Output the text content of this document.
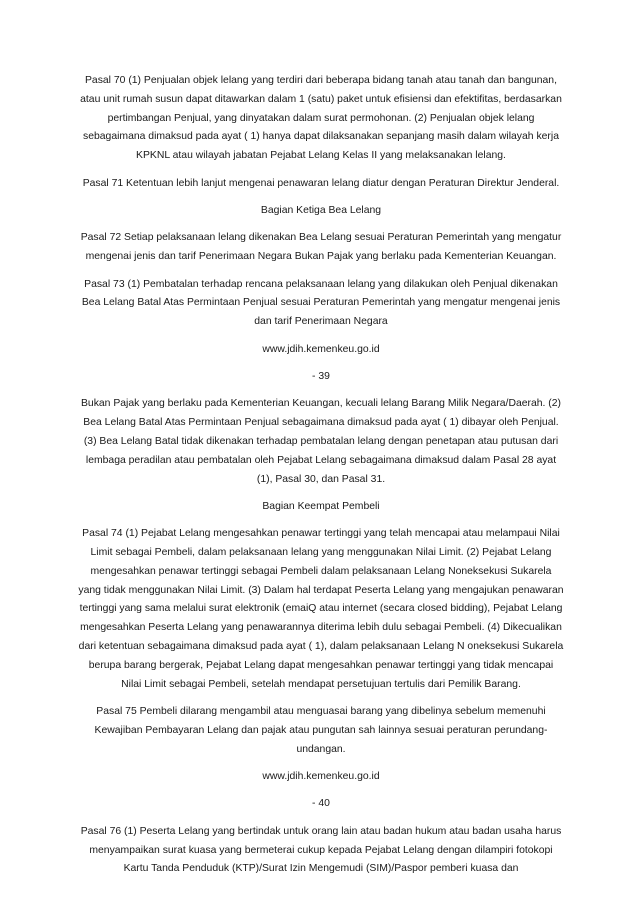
Pasal 70 (1) Penjualan objek lelang yang terdiri dari beberapa bidang tanah atau tanah dan bangunan, atau unit rumah susun dapat ditawarkan dalam 1 (satu) paket untuk efisiensi dan efektifitas, berdasarkan pertimbangan Penjual, yang dinyatakan dalam surat permohonan. (2) Penjualan objek lelang sebagaimana dimaksud pada ayat ( 1) hanya dapat dilaksanakan sepanjang masih dalam wilayah kerja KPKNL atau wilayah jabatan Pejabat Lelang Kelas II yang melaksanakan lelang.

Pasal 71 Ketentuan lebih lanjut mengenai penawaran lelang diatur dengan Peraturan Direktur Jenderal.

Bagian Ketiga Bea Lelang

Pasal 72 Setiap pelaksanaan lelang dikenakan Bea Lelang sesuai Peraturan Pemerintah yang mengatur mengenai jenis dan tarif Penerimaan Negara Bukan Pajak yang berlaku pada Kementerian Keuangan.

Pasal 73 (1) Pembatalan terhadap rencana pelaksanaan lelang yang dilakukan oleh Penjual dikenakan Bea Lelang Batal Atas Permintaan Penjual sesuai Peraturan Pemerintah yang mengatur mengenai jenis dan tarif Penerimaan Negara

www.jdih.kemenkeu.go.id

- 39

Bukan Pajak yang berlaku pada Kementerian Keuangan, kecuali lelang Barang Milik Negara/Daerah. (2) Bea Lelang Batal Atas Permintaan Penjual sebagaimana dimaksud pada ayat ( 1) dibayar oleh Penjual. (3) Bea Lelang Batal tidak dikenakan terhadap pembatalan lelang dengan penetapan atau putusan dari lembaga peradilan atau pembatalan oleh Pejabat Lelang sebagaimana dimaksud dalam Pasal 28 ayat (1), Pasal 30, dan Pasal 31.

Bagian Keempat Pembeli

Pasal 74 (1) Pejabat Lelang mengesahkan penawar tertinggi yang telah mencapai atau melampaui Nilai Limit sebagai Pembeli, dalam pelaksanaan lelang yang menggunakan Nilai Limit. (2) Pejabat Lelang mengesahkan penawar tertinggi sebagai Pembeli dalam pelaksanaan Lelang Noneksekusi Sukarela yang tidak menggunakan Nilai Limit. (3) Dalam hal terdapat Peserta Lelang yang mengajukan penawaran tertinggi yang sama melalui surat elektronik (emaiQ atau internet (secara closed bidding), Pejabat Lelang mengesahkan Peserta Lelang yang penawarannya diterima lebih dulu sebagai Pembeli. (4) Dikecualikan dari ketentuan sebagaimana dimaksud pada ayat ( 1), dalam pelaksanaan Lelang N oneksekusi Sukarela berupa barang bergerak, Pejabat Lelang dapat mengesahkan penawar tertinggi yang tidak mencapai Nilai Limit sebagai Pembeli, setelah mendapat persetujuan tertulis dari Pemilik Barang.

Pasal 75 Pembeli dilarang mengambil atau menguasai barang yang dibelinya sebelum memenuhi Kewajiban Pembayaran Lelang dan pajak atau pungutan sah lainnya sesuai peraturan perundang- undangan.

www.jdih.kemenkeu.go.id

- 40

Pasal 76 (1) Peserta Lelang yang bertindak untuk orang lain atau badan hukum atau badan usaha harus menyampaikan surat kuasa yang bermeterai cukup kepada Pejabat Lelang dengan dilampiri fotokopi Kartu Tanda Penduduk (KTP)/Surat Izin Mengemudi (SIM)/Paspor pemberi kuasa dan
